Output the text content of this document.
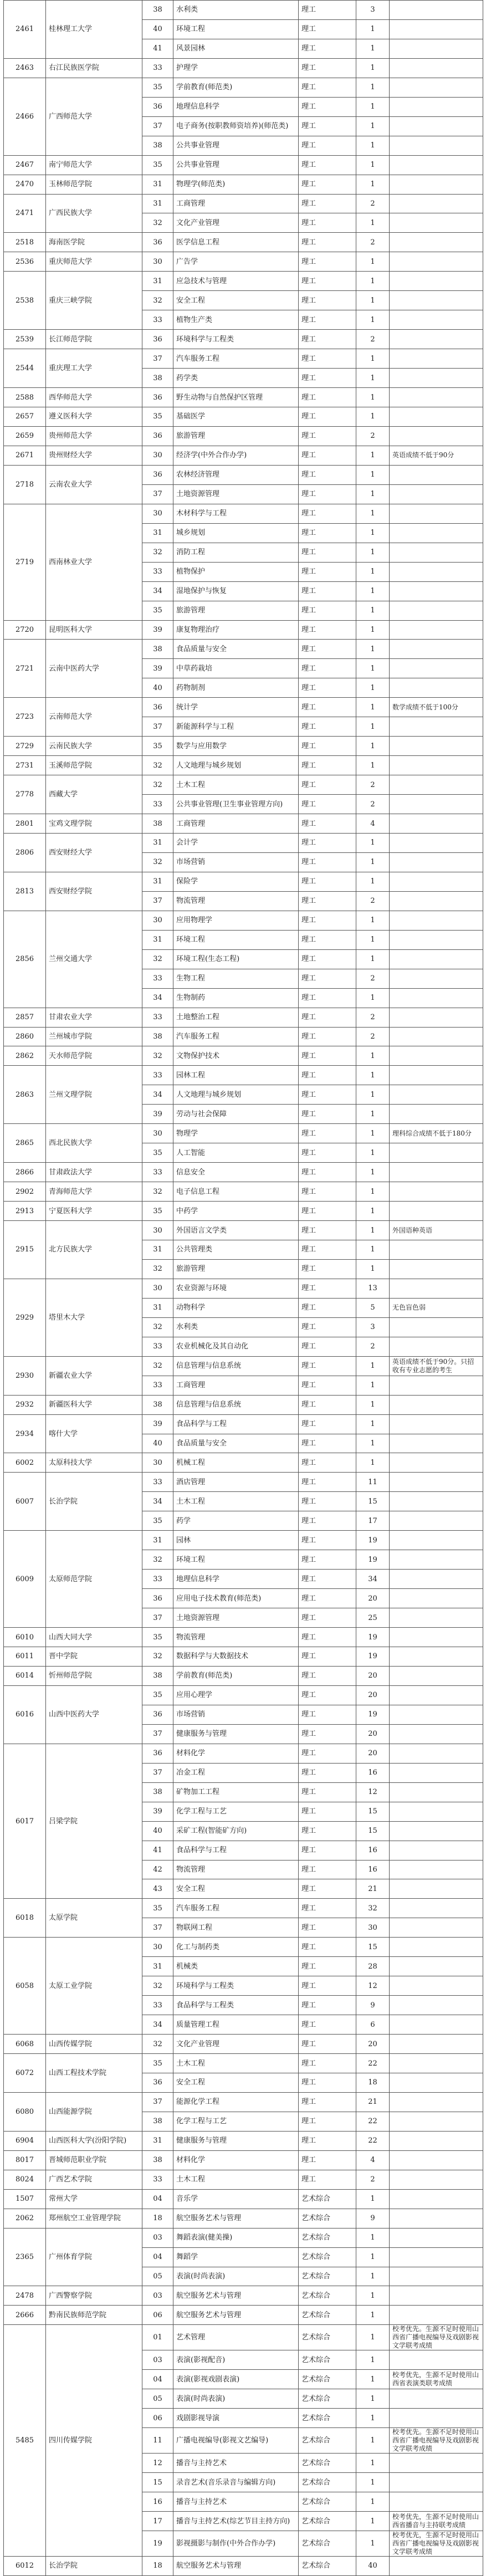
2461	桂林理工大学	38	水利类	理工	3	
		40	环境工程	理工	1	
		41	风景园林	理工	1	
2463	右江民族医学院	33	护理学	理工	1	
2466	广西师范大学	35	学前教育(师范类)	理工	1	
		36	地理信息科学	理工	1	
		37	电子商务(按职教师资培养)(师范类)	理工	1	
		38	公共事业管理	理工	1	
2467	南宁师范大学	35	公共事业管理	理工	1	
2470	玉林师范学院	31	物理学(师范类)	理工	1	
2471	广西民族大学	31	工商管理	理工	2	
		32	文化产业管理	理工	1	
2518	海南医学院	36	医学信息工程	理工	2	
2536	重庆师范大学	30	广告学	理工	1	
2538	重庆三峡学院	31	应急技术与管理	理工	1	
		32	安全工程	理工	1	
		33	植物生产类	理工	1	
2539	长江师范学院	36	环境科学与工程类	理工	2	
2544	重庆理工大学	37	汽车服务工程	理工	1	
		38	药学类	理工	1	
2588	西华师范大学	36	野生动物与自然保护区管理	理工	1	
2657	遵义医科大学	35	基础医学	理工	1	
2659	贵州师范大学	36	旅游管理	理工	2	
2671	贵州财经大学	30	经济学(中外合作办学)	理工	1	英语成绩不低于90分
2718	云南农业大学	36	农林经济管理	理工	1	
		37	土地资源管理	理工	1	
2719	西南林业大学	30	木材科学与工程	理工	1	
		31	城乡规划	理工	1	
		32	消防工程	理工	1	
		33	植物保护	理工	1	
		34	湿地保护与恢复	理工	1	
		35	旅游管理	理工	1	
2720	昆明医科大学	39	康复物理治疗	理工	1	
2721	云南中医药大学	38	食品质量与安全	理工	1	
		39	中草药栽培	理工	1	
		40	药物制剂	理工	1	
2723	云南师范大学	36	统计学	理工	1	数学成绩不低于100分
		37	新能源科学与工程	理工	1	
2729	云南民族大学	35	数学与应用数学	理工	1	
2731	玉溪师范学院	32	人文地理与城乡规划	理工	1	
2778	西藏大学	32	土木工程	理工	2	
		33	公共事业管理(卫生事业管理方向)	理工	2	
2801	宝鸡文理学院	38	工商管理	理工	4	
2806	西安财经大学	31	会计学	理工	1	
		32	市场营销	理工	1	
2813	西安财经学院	31	保险学	理工	1	
		37	物流管理	理工	2	
2856	兰州交通大学	30	应用物理学	理工	1	
		31	环境工程	理工	1	
		32	环境工程(生态工程)	理工	1	
		33	生物工程	理工	2	
		34	生物制药	理工	1	
2857	甘肃农业大学	33	土地整治工程	理工	2	
2860	兰州城市学院	38	汽车服务工程	理工	2	
2862	天水师范学院	32	文物保护技术	理工	1	
2863	兰州文理学院	33	园林工程	理工	1	
		34	人文地理与城乡规划	理工	1	
		39	劳动与社会保障	理工	1	
2865	西北民族大学	30	物理学	理工	1	理科综合成绩不低于180分
		35	人工智能	理工	1	
2866	甘肃政法大学	33	信息安全	理工	1	
2902	青海师范大学	32	电子信息工程	理工	1	
2913	宁夏医科大学	35	中药学	理工	1	
2915	北方民族大学	30	外国语言文学类	理工	1	外国语种英语
		31	公共管理类	理工	1	
		32	旅游管理	理工	1	
2929	塔里木大学	30	农业资源与环境	理工	13	
		31	动物科学	理工	5	无色盲色弱
		32	水利类	理工	3	
		33	农业机械化及其自动化	理工	2	
2930	新疆农业大学	32	信息管理与信息系统	理工	1	英语成绩不低于90分。只招收有专业志愿的考生
		33	工商管理	理工	1	
2932	新疆医科大学	38	信息管理与信息系统	理工	1	
2934	喀什大学	39	食品科学与工程	理工	1	
		40	食品质量与安全	理工	1	
6002	太原科技大学	30	机械工程	理工	1	
6007	长治学院	33	酒店管理	理工	11	
		34	土木工程	理工	15	
		35	药学	理工	17	
6009	太原师范学院	31	园林	理工	19	
		32	环境工程	理工	19	
		33	地理信息科学	理工	34	
		36	应用电子技术教育(师范类)	理工	20	
		37	土地资源管理	理工	25	
6010	山西大同大学	35	物流管理	理工	19	
6011	晋中学院	32	数据科学与大数据技术	理工	19	
6014	忻州师范学院	38	学前教育(师范类)	理工	20	
6016	山西中医药大学	35	应用心理学	理工	20	
		36	市场营销	理工	19	
		37	健康服务与管理	理工	20	
6017	吕梁学院	36	材料化学	理工	20	
		37	冶金工程	理工	16	
		38	矿物加工工程	理工	12	
		39	化学工程与工艺	理工	15	
		40	采矿工程(智能矿方向)	理工	15	
		41	食品科学与工程	理工	16	
		42	物流管理	理工	16	
		43	安全工程	理工	21	
6018	太原学院	35	汽车服务工程	理工	32	
		37	物联网工程	理工	30	
6058	太原工业学院	30	化工与制药类	理工	15	
		31	机械类	理工	28	
		32	环境科学与工程类	理工	12	
		33	食品科学与工程类	理工	9	
		34	质量管理工程	理工	6	
6068	山西传媒学院	32	文化产业管理	理工	20	
6072	山西工程技术学院	35	土木工程	理工	22	
		36	安全工程	理工	18	
6080	山西能源学院	37	能源化学工程	理工	21	
		38	化学工程与工艺	理工	22	
6904	山西医科大学(汾阳学院)	31	健康服务与管理	理工	22	
8017	晋城师范职业学院	38	材料化学	理工	4	
8024	广西艺术学院	33	土木工程	理工	2	
1507	常州大学	04	音乐学	艺术综合	1	
2062	郑州航空工业管理学院	18	航空服务艺术与管理	艺术综合	9	
2365	广州体育学院	03	舞蹈表演(健美操)	艺术综合	1	
		04	舞蹈学	艺术综合	1	
		05	表演(时尚表演)	艺术综合	1	
2478	广西警察学院	03	航空服务艺术与管理	艺术综合	1	
2666	黔南民族师范学院	06	航空服务艺术与管理	艺术综合	1	
5485	四川传媒学院	01	艺术管理	艺术综合	1	校考优先。生源不足时使用山西省广播电视编导及戏剧影视文学联考成绩
		03	表演(影视配音)	艺术综合	1	
		04	表演(影视戏剧表演)	艺术综合	1	校考优先，生源不足时使用山西省表演类联考成绩
		05	表演(时尚表演)	艺术综合	1	
		06	戏剧影视导演	艺术综合	1	
		11	广播电视编导(影视文艺编导)	艺术综合	1	校考优先。生源不足时使用山西省广播电视编导及戏剧影视文学联考成绩
		12	播音与主持艺术	艺术综合	1	
		15	录音艺术(音乐录音与编辑方向)	艺术综合	1	
		16	播音与主持艺术	艺术综合	1	
		17	播音与主持艺术(综艺节目主持方向)	艺术综合	1	校考优先，生源不足时使用山西省播音与主持联考成绩
		19	影视摄影与制作(中外合作办学)	艺术综合	1	校考优先，生源不足时使用山西省广播电视编导及戏剧影视文学联考成绩
6012	长治学院	18	航空服务艺术与管理	艺术综合	40	
